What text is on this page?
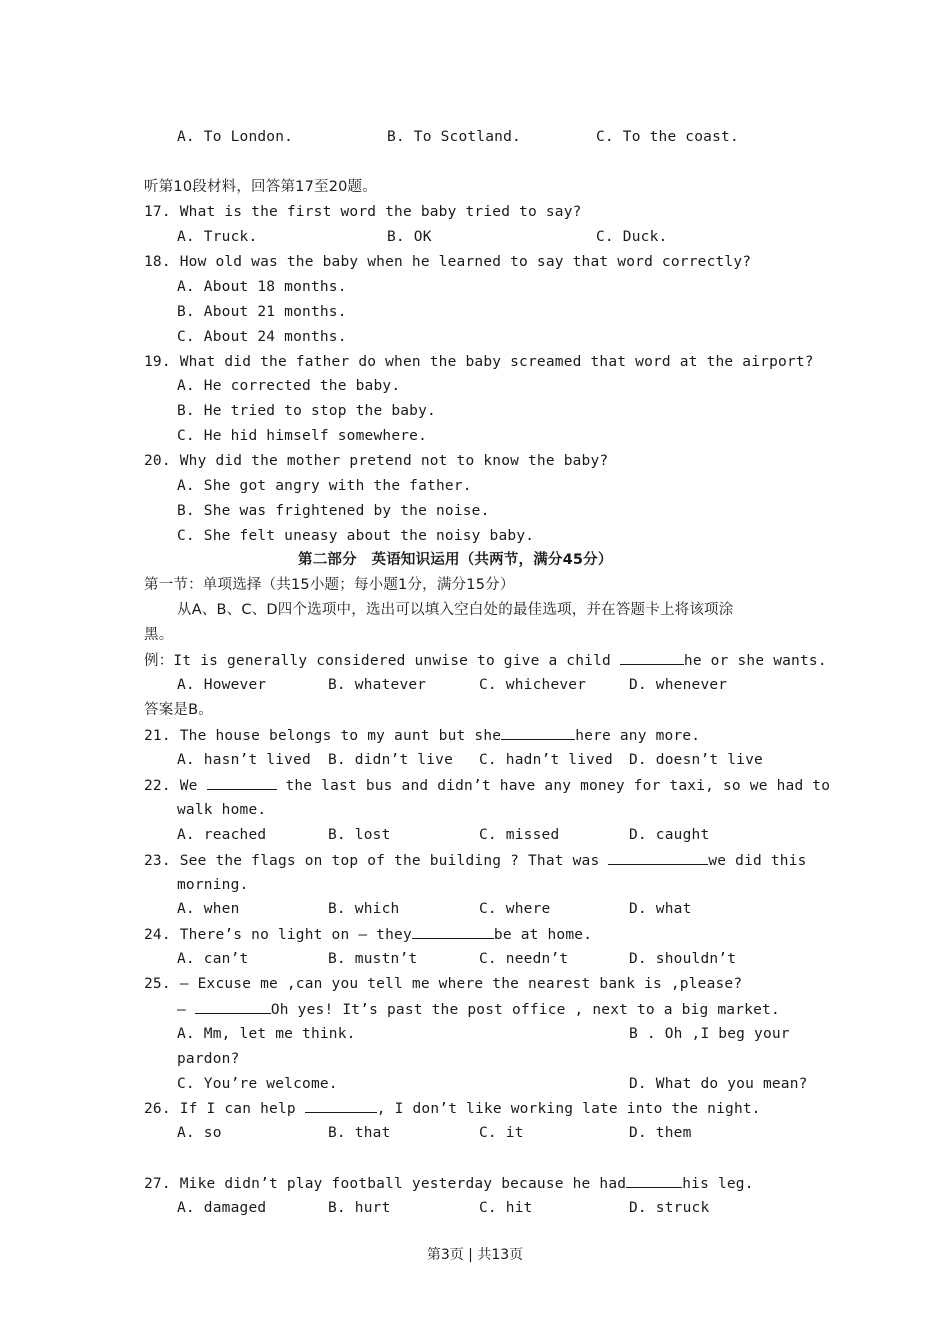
A. To London.	B. To Scotland.	C. To the coast.
听第10段材料，回答第17至20题。
17. What is the first word the baby tried to say?
A. Truck.	B. OK	C. Duck.
18. How old was the baby when he learned to say that word correctly?
A. About 18 months.
B. About 21 months.
C. About 24 months.
19. What did the father do when the baby screamed that word at the airport?
A. He corrected the baby.
B. He tried to stop the baby.
C. He hid himself somewhere.
20. Why did the mother pretend not to know the baby?
A. She got angry with the father.
B. She was frightened by the noise.
C. She felt uneasy about the noisy baby.
第二部分　英语知识运用（共两节，满分45分）
第一节：单项选择（共15小题；每小题1分，满分15分）
从A、B、C、D四个选项中，选出可以填入空白处的最佳选项，并在答题卡上将该项涂
黑。
例：It is generally considered unwise to give a child	he or she wants.
A. However	B. whatever	C. whichever	D. whenever
答案是B。
21. The house belongs to my aunt but she	here any more.
A. hasn’t lived B. didn’t live C. hadn’t lived D. doesn’t live
22. We	the last bus and didn’t have any money for taxi, so we had to
walk home.
A. reached	B. lost	C. missed	D. caught
23. See the flags on top of the building ? That was	we did this
morning.
A. when	B. which	C. where	D. what
24. There’s no light on — they	be at home.
A. can’t	B. mustn’t	C. needn’t	D. shouldn’t
25. — Excuse me ,can you tell me where the nearest bank is ,please?
—	Oh yes! It’s past the post office , next to a big market.
A. Mm, let me think.	B . Oh ,I beg your
pardon?
C. You’re welcome.	D. What do you mean?
26. If I can help	, I don’t like working late into the night.
A. so	B. that	C. it	D. them
27. Mike didn’t play football yesterday because he had	his leg.
A. damaged	B. hurt	C. hit	D. struck
第3页 | 共13页
